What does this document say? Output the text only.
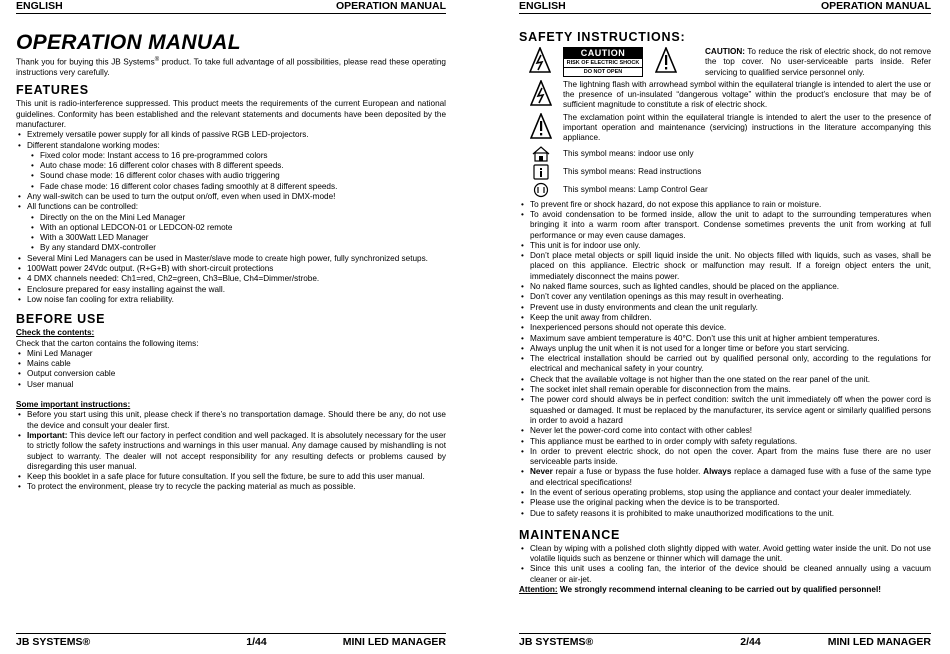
ENGLISH	OPERATION MANUAL
OPERATION MANUAL

Thank you for buying this JB Systems® product. To take full advantage of all possibilities, please read these operating instructions very carefully.

FEATURES

This unit is radio-interference suppressed. This product meets the requirements of the current European and national guidelines. Conformity has been established and the relevant statements and documents have been deposited by the manufacturer.

• Extremely versatile power supply for all kinds of passive RGB LED-projectors.
• Different standalone working modes:
• Fixed color mode: Instant access to 16 pre-programmed colors
• Auto chase mode: 16 different color chases with 8 different speeds.
• Sound chase mode: 16 different color chases with audio triggering
• Fade chase mode: 16 different color chases fading smoothly at 8 different speeds.
• Any wall-switch can be used to turn the output on/off, even when used in DMX-mode!
• All functions can be controlled:
• Directly on the on the Mini Led Manager
• With an optional LEDCON-01 or LEDCON-02 remote
• With a 300Watt LED Manager
• By any standard DMX-controller
• Several Mini Led Managers can be used in Master/slave mode to create high power, fully synchronized setups.
• 100Watt power 24Vdc output. (R+G+B) with short-circuit protections
• 4 DMX channels needed: Ch1=red, Ch2=green, Ch3=Blue, Ch4=Dimmer/strobe.
• Enclosure prepared for easy installing against the wall.
• Low noise fan cooling for extra reliability.
BEFORE USE

Check the contents:

Check that the carton contains the following items:

• Mini Led Manager
• Mains cable
• Output conversion cable
• User manual

Some important instructions:

• Before you start using this unit, please check if there’s no transportation damage. Should there be any, do not use the device and consult your dealer first.
• Important: This device left our factory in perfect condition and well packaged. It is absolutely necessary for the user to strictly follow the safety instructions and warnings in this user manual. Any damage caused by mishandling is not subject to warranty. The dealer will not accept responsibility for any resulting defects or problems caused by disregarding this user manual.
• Keep this booklet in a safe place for future consultation. If you sell the fixture, be sure to add this user manual.
• To protect the environment, please try to recycle the packing material as much as possible.
JB SYSTEMS®	1/44	MINI LED MANAGER
ENGLISH	OPERATION MANUAL
SAFETY INSTRUCTIONS:
CAUTION
RISK OF ELECTRIC SHOCK
DO NOT OPEN

CAUTION: To reduce the risk of electric shock, do not remove the top cover. No user-serviceable parts inside. Refer servicing to qualified service personnel only.

The lightning flash with arrowhead symbol within the equilateral triangle is intended to alert the use or the presence of un-insulated “dangerous voltage” within the product’s enclosure that may be of sufficient magnitude to constitute a risk of electric shock.

The exclamation point within the equilateral triangle is intended to alert the user to the presence of important operation and maintenance (servicing) instructions in the literature accompanying this appliance.

This symbol means: indoor use only

This symbol means: Read instructions

This symbol means: Lamp Control Gear

• To prevent fire or shock hazard, do not expose this appliance to rain or moisture.
• To avoid condensation to be formed inside, allow the unit to adapt to the surrounding temperatures when bringing it into a warm room after transport. Condense sometimes prevents the unit from working at full performance or may even cause damages.
• This unit is for indoor use only.
• Don’t place metal objects or spill liquid inside the unit. No objects filled with liquids, such as vases, shall be placed on this appliance. Electric shock or malfunction may result. If a foreign object enters the unit, immediately disconnect the mains power.
• No naked flame sources, such as lighted candles, should be placed on the appliance.
• Don’t cover any ventilation openings as this may result in overheating.
• Prevent use in dusty environments and clean the unit regularly.
• Keep the unit away from children.
• Inexperienced persons should not operate this device.
• Maximum save ambient temperature is 40°C. Don’t use this unit at higher ambient temperatures.
• Always unplug the unit when it is not used for a longer time or before you start servicing.
• The electrical installation should be carried out by qualified personal only, according to the regulations for electrical and mechanical safety in your country.
• Check that the available voltage is not higher than the one stated on the rear panel of the unit.
• The socket inlet shall remain operable for disconnection from the mains.
• The power cord should always be in perfect condition: switch the unit immediately off when the power cord is squashed or damaged. It must be replaced by the manufacturer, its service agent or similarly qualified persons in order to avoid a hazard
• Never let the power-cord come into contact with other cables!
• This appliance must be earthed to in order comply with safety regulations.
• In order to prevent electric shock, do not open the cover. Apart from the mains fuse there are no user serviceable parts inside.
• Never repair a fuse or bypass the fuse holder. Always replace a damaged fuse with a fuse of the same type and electrical specifications!
• In the event of serious operating problems, stop using the appliance and contact your dealer immediately.
• Please use the original packing when the device is to be transported.
• Due to safety reasons it is prohibited to make unauthorized modifications to the unit.
MAINTENANCE
• Clean by wiping with a polished cloth slightly dipped with water. Avoid getting water inside the unit. Do not use volatile liquids such as benzene or thinner which will damage the unit.
• Since this unit uses a cooling fan, the interior of the device should be cleaned annually using a vacuum cleaner or air-jet.

Attention: We strongly recommend internal cleaning to be carried out by qualified personnel!

JB SYSTEMS®	2/44	MINI LED MANAGER
